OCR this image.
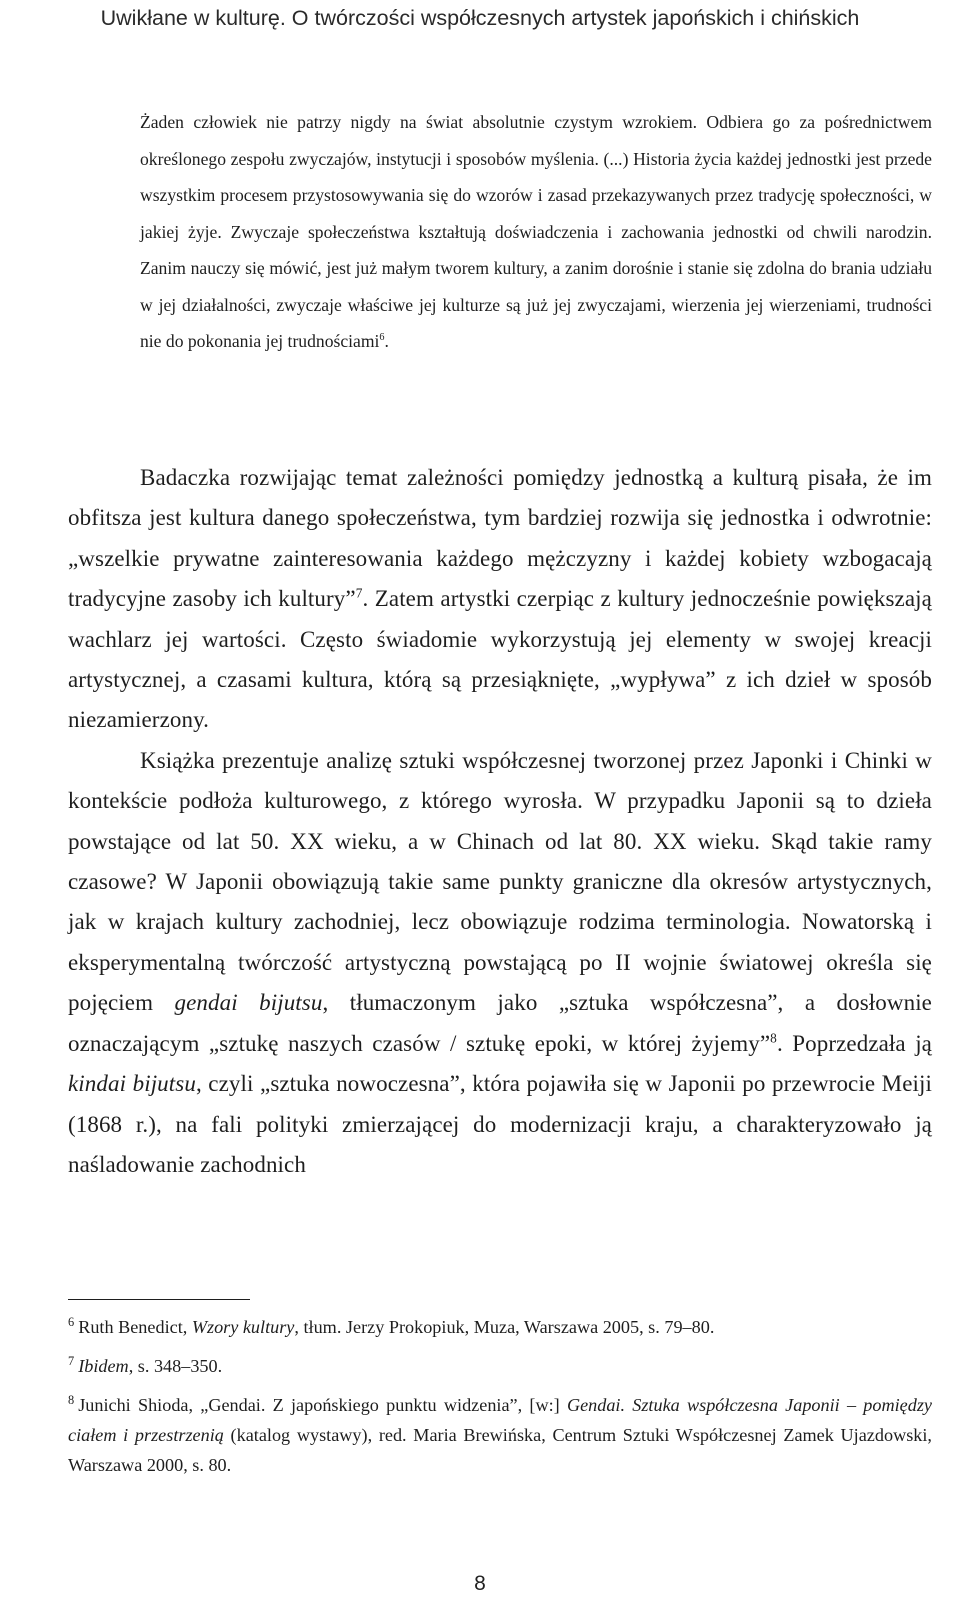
Uwikłane w kulturę. O twórczości współczesnych artystek japońskich i chińskich
Żaden człowiek nie patrzy nigdy na świat absolutnie czystym wzrokiem. Odbiera go za pośrednictwem określonego zespołu zwyczajów, instytucji i sposobów myślenia. (...) Historia życia każdej jednostki jest przede wszystkim procesem przystosowywania się do wzorów i zasad przekazywanych przez tradycję społeczności, w jakiej żyje. Zwyczaje społeczeństwa kształtują doświadczenia i zachowania jednostki od chwili narodzin. Zanim nauczy się mówić, jest już małym tworem kultury, a zanim dorośnie i stanie się zdolna do brania udziału w jej działalności, zwyczaje właściwe jej kulturze są już jej zwyczajami, wierzenia jej wierzeniami, trudności nie do pokonania jej trudnościami$^6$.

Badaczka rozwijając temat zależności pomiędzy jednostką a kulturą pisała, że im obfitsza jest kultura danego społeczeństwa, tym bardziej rozwija się jednostka i odwrotnie: „wszelkie prywatne zainteresowania każdego mężczyzny i każdej kobiety wzbogacają tradycyjne zasoby ich kultury”$^7$. Zatem artystki czerpiąc z kultury jednocześnie powiększają wachlarz jej wartości. Często świadomie wykorzystują jej elementy w swojej kreacji artystycznej, a czasami kultura, którą są przesiąknięte, „wypływa” z ich dzieł w sposób niezamierzony.

Książka prezentuje analizę sztuki współczesnej tworzonej przez Japonki i Chinki w kontekście podłoża kulturowego, z którego wyrosła. W przypadku Japonii są to dzieła powstające od lat 50. XX wieku, a w Chinach od lat 80. XX wieku. Skąd takie ramy czasowe? W Japonii obowiązują takie same punkty graniczne dla okresów artystycznych, jak w krajach kultury zachodniej, lecz obowiązuje rodzima terminologia. Nowatorską i eksperymentalną twórczość artystyczną powstającą po II wojnie światowej określa się pojęciem gendai bijutsu, tłumaczonym jako „sztuka współczesna”, a dosłownie oznaczającym „sztukę naszych czasów / sztukę epoki, w której żyjemy”$^8$. Poprzedzała ją kindai bijutsu, czyli „sztuka nowoczesna”, która pojawiła się w Japonii po przewrocie Meiji (1868 r.), na fali polityki zmierzającej do modernizacji kraju, a charakteryzowało ją naśladowanie zachodnich

$^6$ Ruth Benedict, Wzory kultury, tłum. Jerzy Prokopiuk, Muza, Warszawa 2005, s. 79–80.
$^7$ Ibidem, s. 348–350.
$^8$ Junichi Shioda, „Gendai. Z japońskiego punktu widzenia”, [w:] Gendai. Sztuka współczesna Japonii – pomiędzy ciałem i przestrzenią (katalog wystawy), red. Maria Brewińska, Centrum Sztuki Współczesnej Zamek Ujazdowski, Warszawa 2000, s. 80.
8
